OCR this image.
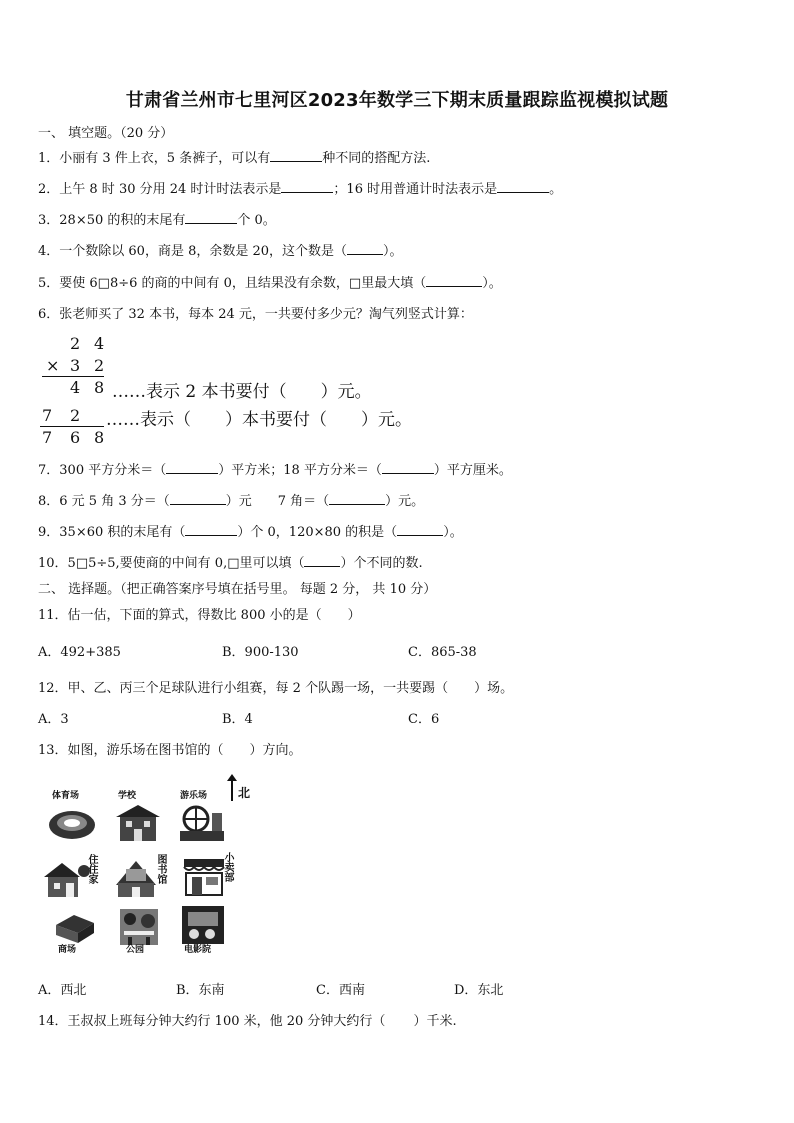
甘肃省兰州市七里河区2023年数学三下期末质量跟踪监视模拟试题
一、 填空题。（20 分）
1．小丽有 3 件上衣，5 条裤子，可以有	种不同的搭配方法.
2．上午 8 时 30 分用 24 时计时法表示是	；16 时用普通计时法表示是	。
3．28×50 的积的末尾有	个 0。
4．一个数除以 60，商是 8，余数是 20，这个数是（	）。
5．要使 6□8÷6 的商的中间有 0，且结果没有余数，□里最大填（	）。
6．张老师买了 32 本书，每本 24 元，一共要付多少元？淘气列竖式计算：
2 4
× 3 2
4 8 ……表示 2 本书要付（　　）元。
7 2 ……表示（　　）本书要付（　　）元。
7 6 8
7．300 平方分米＝（	）平方米；18 平方分米＝（	）平方厘米。
8．6 元 5 角 3 分＝（	）元　　7 角＝（	）元。
9．35×60 积的末尾有（	）个 0，120×80 的积是（	）。
10．5□5÷5,要使商的中间有 0,□里可以填（	）个不同的数.
二、 选择题。（把正确答案序号填在括号里。 每题 2 分， 共 10 分）
11．估一估，下面的算式，得数比 800 小的是（　　）
A．492+385	B．900-130	C．865-38
12．甲、乙、丙三个足球队进行小组赛，每 2 个队踢一场，一共要踢（　　）场。
A．3	B．4	C．6
13．如图，游乐场在图书馆的（　　）方向。
北
体育场	学校	游乐场
住住家
图书馆
小卖部
商场	公园	电影院
A．西北	B．东南	C．西南	D．东北
14．王叔叔上班每分钟大约行 100 米，他 20 分钟大约行（ ）千米.
